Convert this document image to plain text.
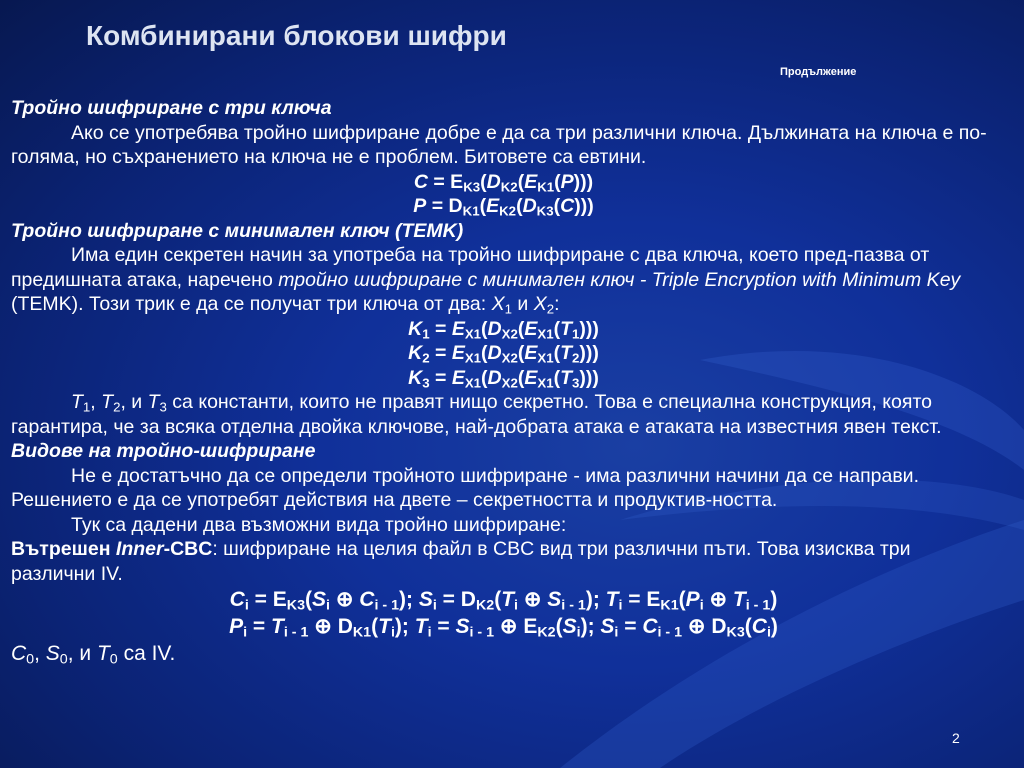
Комбинирани блокови шифри
Продължение

Тройно шифриране с три ключа

Ако се употребява тройно шифриране добре е да са три различни ключа. Дължината на ключа е по-голяма, но съхранението на ключа не е проблем. Битовете са евтини.

$C = E_{K3}(D_{K2}(E_{K1}(P)))$

$P = D_{K1}(E_{K2}(D_{K3}(C)))$

Тройно шифриране с минимален ключ (TEMK)

Има един секретен начин за употреба на тройно шифриране с два ключа, което пред-пазва от предишната атака, наречено тройно шифриране с минимален ключ - Triple Encryption with Minimum Key (TEMK). Този трик е да се получат три ключа от два: $X_1$ и $X_2$:

$K_1 = E_{X1}(D_{X2}(E_{X1}(T_1)))$

$K_2 = E_{X1}(D_{X2}(E_{X1}(T_2)))$

$K_3 = E_{X1}(D_{X2}(E_{X1}(T_3)))$

$T_1$, $T_2$, и $T_3$ са константи, които не правят нищо секретно. Това е специална конструкция, която гарантира, че за всяка отделна двойка ключове, най-добрата атака е атаката на известния явен текст.

Видове на тройно-шифриране

Не е достатъчно да се определи тройното шифриране - има различни начини да се направи. Решението е да се употребят действия на двете – секретността и продуктив-ността.

Тук са дадени два възможни вида тройно шифриране:

Вътрешен Inner-CBC: шифриране на целия файл в CBC вид три различни пъти. Това изисква три различни IV.

$C_i = E_{K3}(S_i$ ⊕ $C_{i - 1}$); $S_i = D_{K2}(T_i$ ⊕ $S_{i - 1}$); $T_i = E_{K1}(P_i$ ⊕ $T_{i - 1}$)

$P_i = T_{i - 1}$ ⊕ $D_{K1}(T_i)$; $T_i = S_{i - 1}$ ⊕ $E_{K2}(S_i)$; $S_i = C_{i - 1}$ ⊕ $D_{K3}(C_i)$

$C_0$, $S_0$, и $T_0$ са IV.

2
